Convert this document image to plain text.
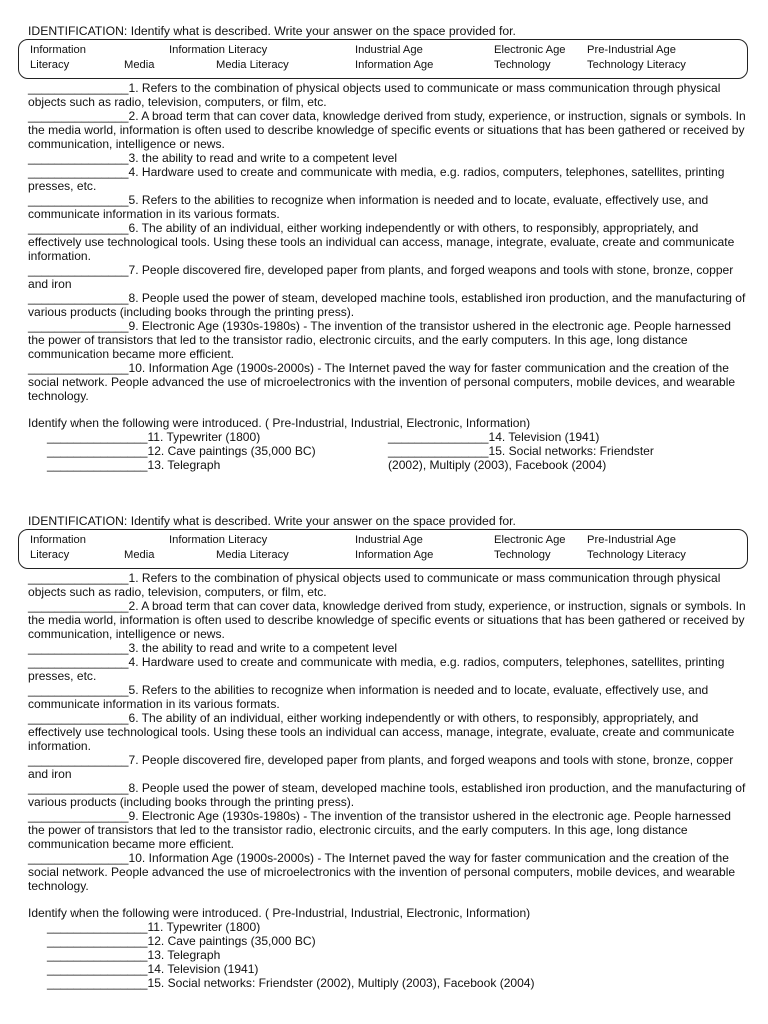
IDENTIFICATION: Identify what is described. Write your answer on the space provided for.
Information	Information Literacy	Industrial Age	Electronic Age Pre-Industrial Age
Literacy	Media	Media Literacy	Information Age	Technology	Technology Literacy

_______________1. Refers to the combination of physical objects used to communicate or mass communication through physical objects such as radio, television, computers, or film, etc.

_______________2. A broad term that can cover data, knowledge derived from study, experience, or instruction, signals or symbols. In the media world, information is often used to describe knowledge of specific events or situations that has been gathered or received by communication, intelligence or news.

_______________3. the ability to read and write to a competent level

_______________4. Hardware used to create and communicate with media, e.g. radios, computers, telephones, satellites, printing presses, etc.

_______________5. Refers to the abilities to recognize when information is needed and to locate, evaluate, effectively use, and communicate information in its various formats.

_______________6. The ability of an individual, either working independently or with others, to responsibly, appropriately, and effectively use technological tools. Using these tools an individual can access, manage, integrate, evaluate, create and communicate information.

_______________7. People discovered fire, developed paper from plants, and forged weapons and tools with stone, bronze, copper and iron

_______________8. People used the power of steam, developed machine tools, established iron production, and the manufacturing of various products (including books through the printing press).

_______________9. Electronic Age (1930s-1980s) - The invention of the transistor ushered in the electronic age. People harnessed the power of transistors that led to the transistor radio, electronic circuits, and the early computers. In this age, long distance communication became more efficient.

_______________10. Information Age (1900s-2000s) - The Internet paved the way for faster communication and the creation of the social network. People advanced the use of microelectronics with the invention of personal computers, mobile devices, and wearable technology.

Identify when the following were introduced. ( Pre-Industrial, Industrial, Electronic, Information)

_______________11. Typewriter (1800)

_______________12. Cave paintings (35,000 BC)

_______________13. Telegraph

_______________14. Television (1941)

_______________15. Social networks: Friendster

(2002), Multiply (2003), Facebook (2004)

IDENTIFICATION: Identify what is described. Write your answer on the space provided for.
Information	Information Literacy	Industrial Age	Electronic Age Pre-Industrial Age
Literacy	Media	Media Literacy	Information Age	Technology	Technology Literacy

_______________1. Refers to the combination of physical objects used to communicate or mass communication through physical objects such as radio, television, computers, or film, etc.

_______________2. A broad term that can cover data, knowledge derived from study, experience, or instruction, signals or symbols. In the media world, information is often used to describe knowledge of specific events or situations that has been gathered or received by communication, intelligence or news.

_______________3. the ability to read and write to a competent level

_______________4. Hardware used to create and communicate with media, e.g. radios, computers, telephones, satellites, printing presses, etc.

_______________5. Refers to the abilities to recognize when information is needed and to locate, evaluate, effectively use, and communicate information in its various formats.

_______________6. The ability of an individual, either working independently or with others, to responsibly, appropriately, and effectively use technological tools. Using these tools an individual can access, manage, integrate, evaluate, create and communicate information.

_______________7. People discovered fire, developed paper from plants, and forged weapons and tools with stone, bronze, copper and iron

_______________8. People used the power of steam, developed machine tools, established iron production, and the manufacturing of various products (including books through the printing press).

_______________9. Electronic Age (1930s-1980s) - The invention of the transistor ushered in the electronic age. People harnessed the power of transistors that led to the transistor radio, electronic circuits, and the early computers. In this age, long distance communication became more efficient.

_______________10. Information Age (1900s-2000s) - The Internet paved the way for faster communication and the creation of the social network. People advanced the use of microelectronics with the invention of personal computers, mobile devices, and wearable technology.

Identify when the following were introduced. ( Pre-Industrial, Industrial, Electronic, Information)

_______________11. Typewriter (1800)

_______________12. Cave paintings (35,000 BC)

_______________13. Telegraph

_______________14. Television (1941)

_______________15. Social networks: Friendster (2002), Multiply (2003), Facebook (2004)
